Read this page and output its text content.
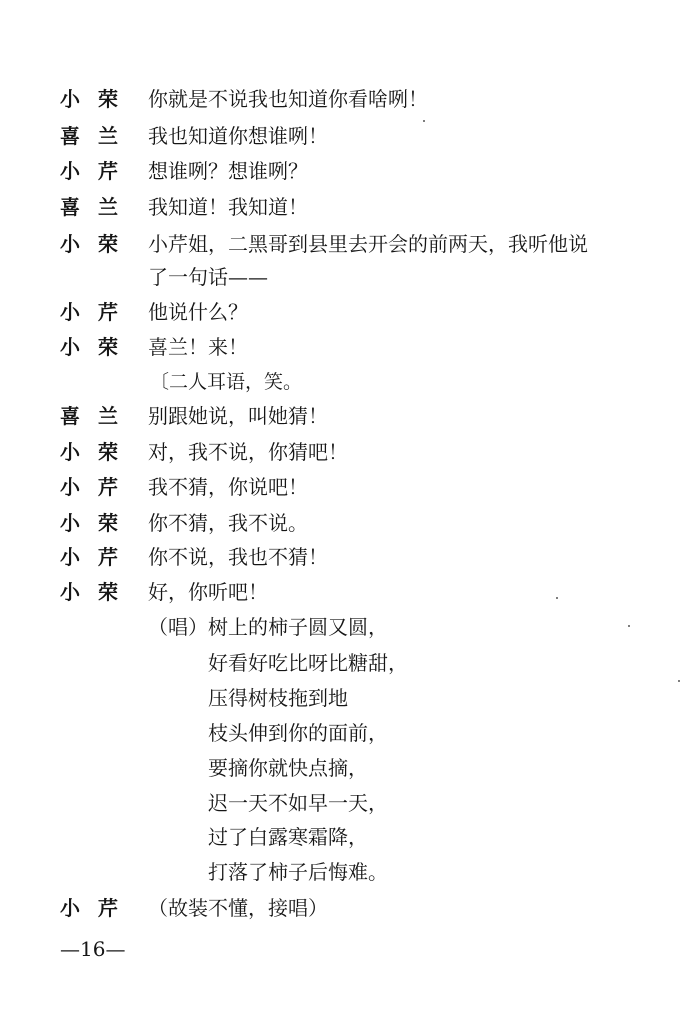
小荣 你就是不说我也知道你看啥咧！
喜兰 我也知道你想谁咧！
小芹 想谁咧？想谁咧？
喜兰 我知道！我知道！
小荣 小芹姐，二黑哥到县里去开会的前两天，我听他说
了一句话——
小芹 他说什么？
小荣 喜兰！来！
〔二人耳语，笑。
喜兰 别跟她说，叫她猜！
小荣 对，我不说，你猜吧！
小芹 我不猜，你说吧！
小荣 你不猜，我不说。
小芹 你不说，我也不猜！
小荣 好，你听吧！
（唱）树上的柿子圆又圆，
好看好吃比呀比糖甜，
压得树枝拖到地
枝头伸到你的面前，
要摘你就快点摘，
迟一天不如早一天，
过了白露寒霜降，
打落了柿子后悔难。
小芹 （故装不懂，接唱）
—16—
